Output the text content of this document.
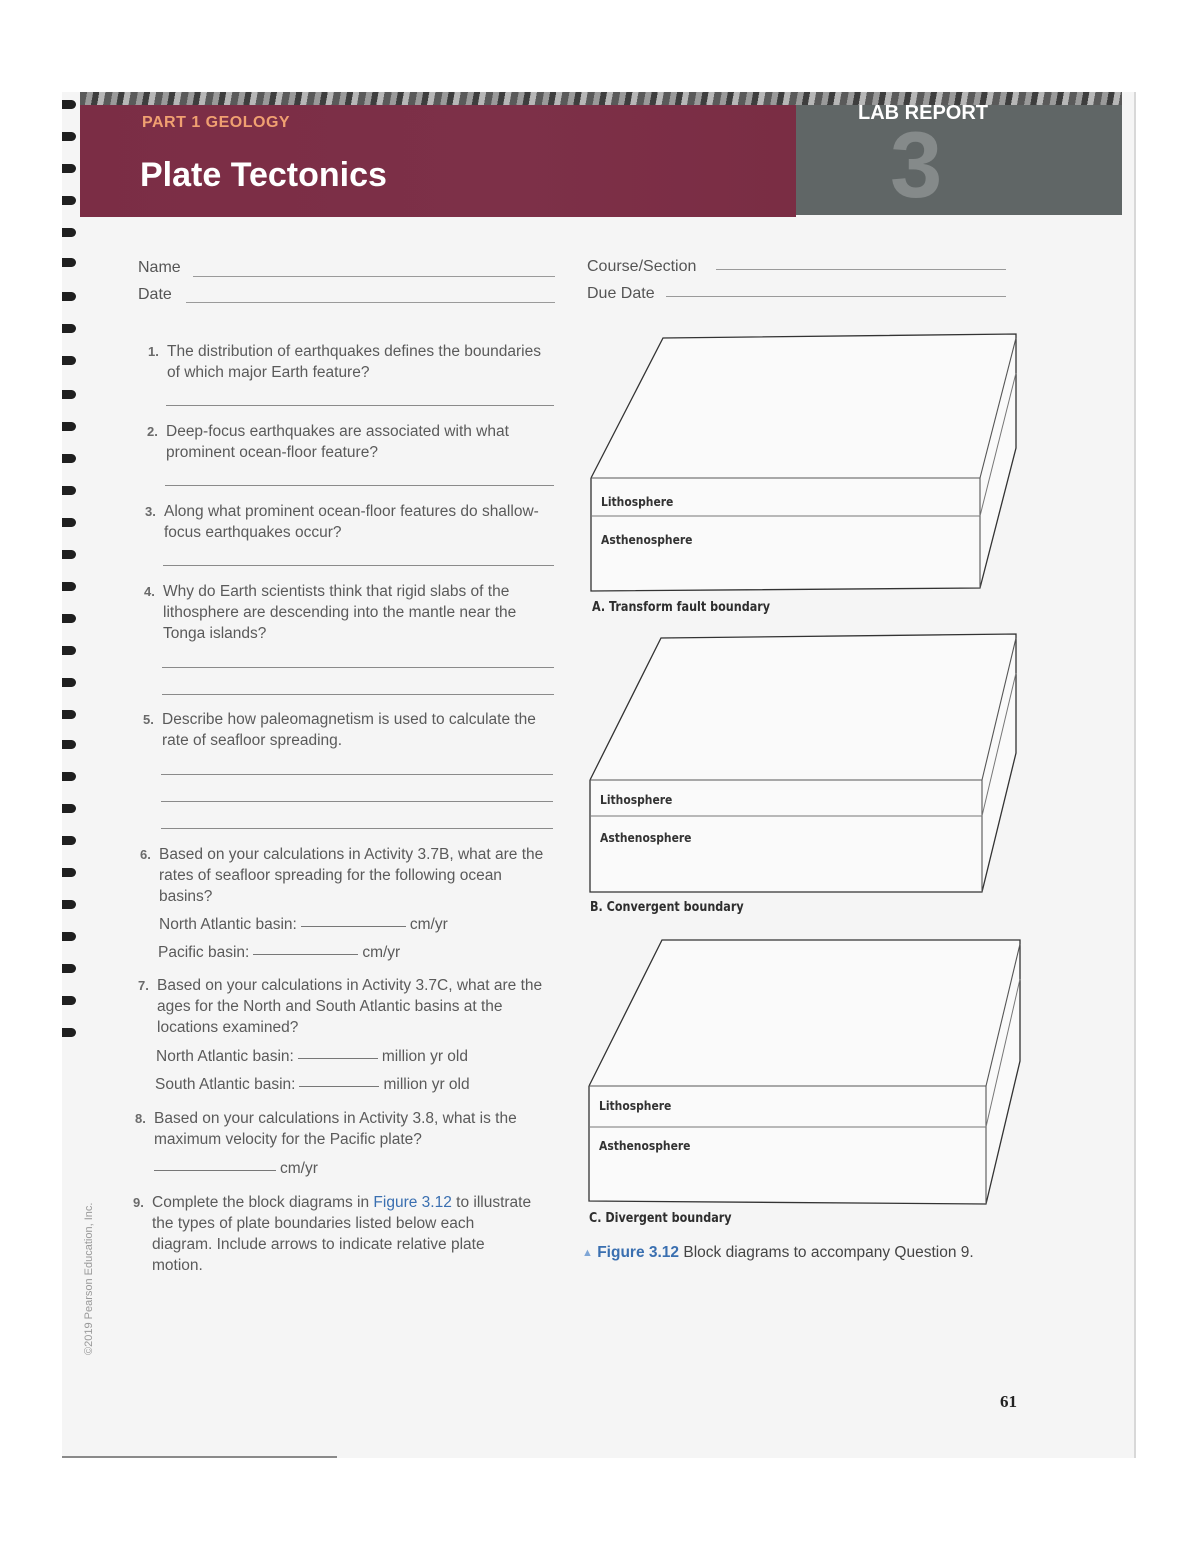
PART 1 GEOLOGY
Plate Tectonics
LAB REPORT
3
Name
Date
Course/Section
Due Date
1. The distribution of earthquakes defines the boundaries of which major Earth feature?
2. Deep-focus earthquakes are associated with what prominent ocean-floor feature?
3. Along what prominent ocean-floor features do shallow-focus earthquakes occur?
4. Why do Earth scientists think that rigid slabs of the lithosphere are descending into the mantle near the Tonga islands?
5. Describe how paleomagnetism is used to calculate the rate of seafloor spreading.
6. Based on your calculations in Activity 3.7B, what are the rates of seafloor spreading for the following ocean basins?
North Atlantic basin:	cm/yr
Pacific basin:	cm/yr
7. Based on your calculations in Activity 3.7C, what are the ages for the North and South Atlantic basins at the locations examined?
North Atlantic basin:	million yr old
South Atlantic basin:	million yr old
8. Based on your calculations in Activity 3.8, what is the maximum velocity for the Pacific plate?
cm/yr
9. Complete the block diagrams in Figure 3.12 to illustrate the types of plate boundaries listed below each diagram. Include arrows to indicate relative plate motion.
Lithosphere
Asthenosphere
A. Transform fault boundary
Lithosphere
Asthenosphere
B. Convergent boundary
Lithosphere
Asthenosphere
C. Divergent boundary
▲ Figure 3.12 Block diagrams to accompany Question 9.
61
©2019 Pearson Education, Inc.
